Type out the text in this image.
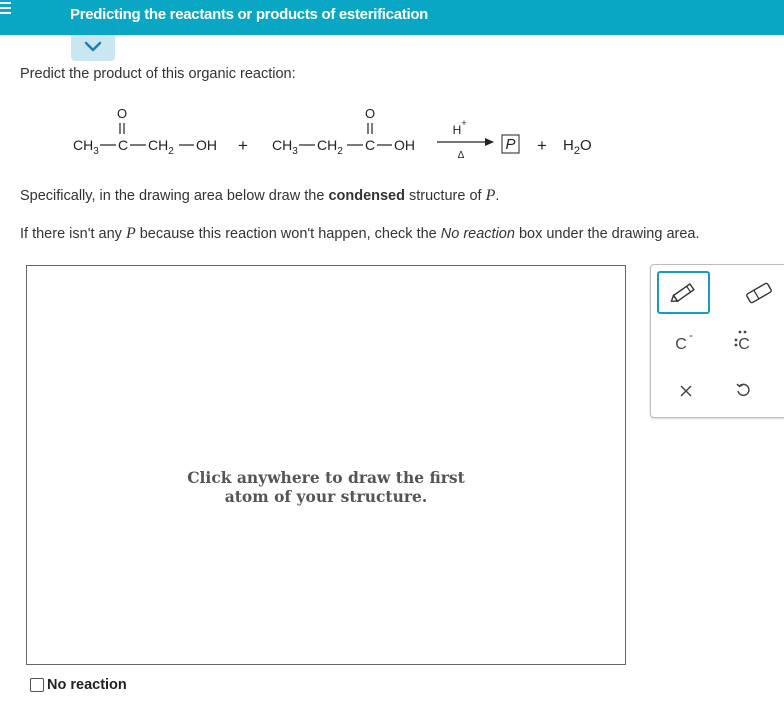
Predicting the reactants or products of esterification
Predict the product of this organic reaction:
O
$CH_3$ C $CH_2$ OH + $CH_3$ $CH_2$
O
C OH
H +
Δ
$P + H_2O$
Specifically, in the drawing area below draw the condensed structure of P.
If there isn't any P because this reaction won't happen, check the No reaction box under the drawing area.
Click anywhere to draw the first
atom of your structure.
C
-
C
No reaction
